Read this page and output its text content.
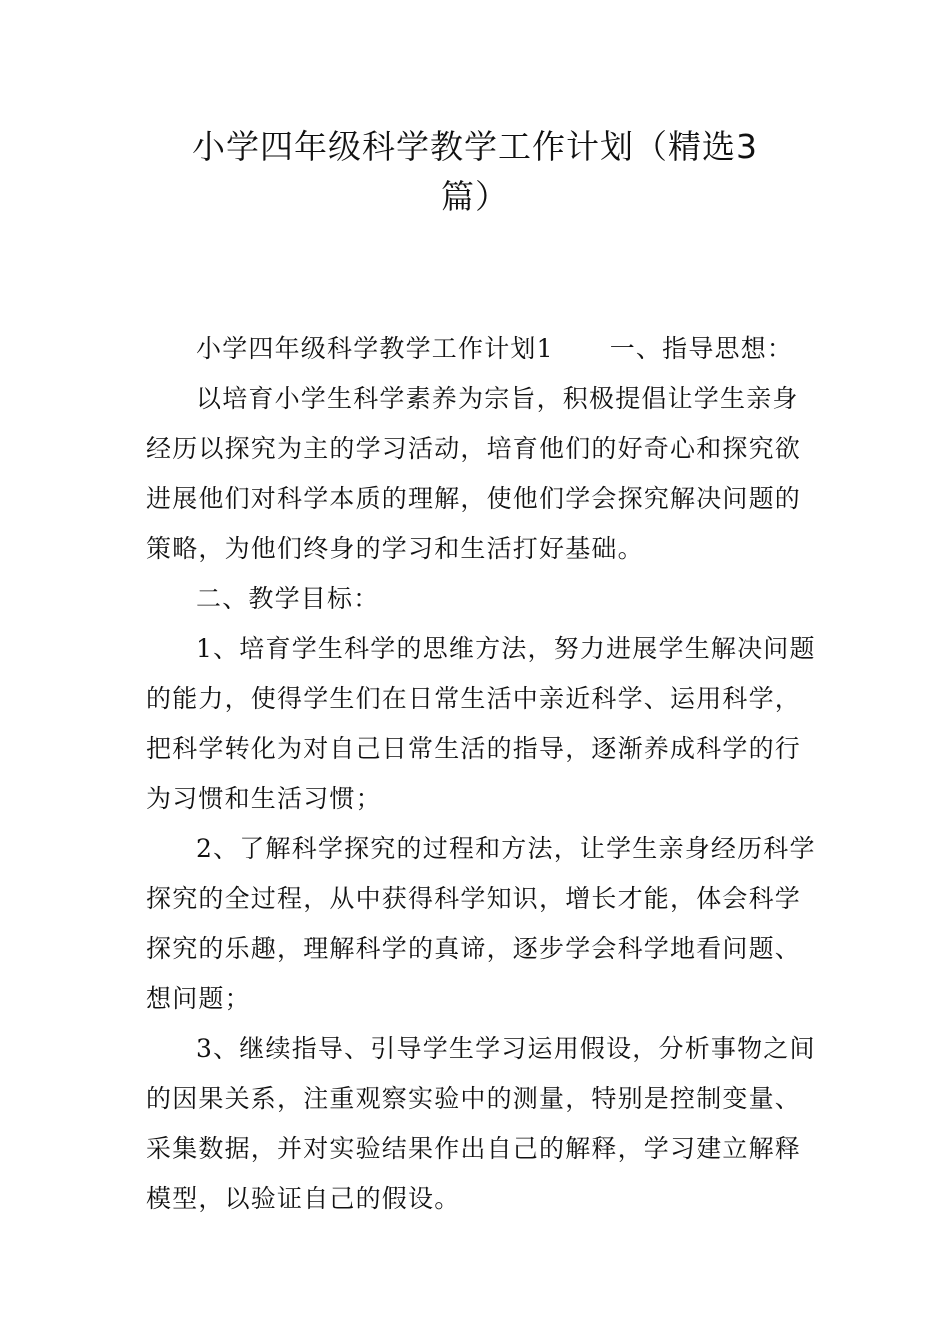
小学四年级科学教学工作计划（精选3
篇）
小学四年级科学教学工作计划1 一、指导思想：
以培育小学生科学素养为宗旨，积极提倡让学生亲身
经历以探究为主的学习活动，培育他们的好奇心和探究欲
进展他们对科学本质的理解，使他们学会探究解决问题的
策略，为他们终身的学习和生活打好基础。
二、教学目标：
1、培育学生科学的思维方法，努力进展学生解决问题
的能力，使得学生们在日常生活中亲近科学、运用科学，
把科学转化为对自己日常生活的指导，逐渐养成科学的行
为习惯和生活习惯；
2、了解科学探究的过程和方法，让学生亲身经历科学
探究的全过程，从中获得科学知识，增长才能，体会科学
探究的乐趣，理解科学的真谛，逐步学会科学地看问题、
想问题；
3、继续指导、引导学生学习运用假设，分析事物之间
的因果关系，注重观察实验中的测量，特别是控制变量、
采集数据，并对实验结果作出自己的解释，学习建立解释
模型，以验证自己的假设。
